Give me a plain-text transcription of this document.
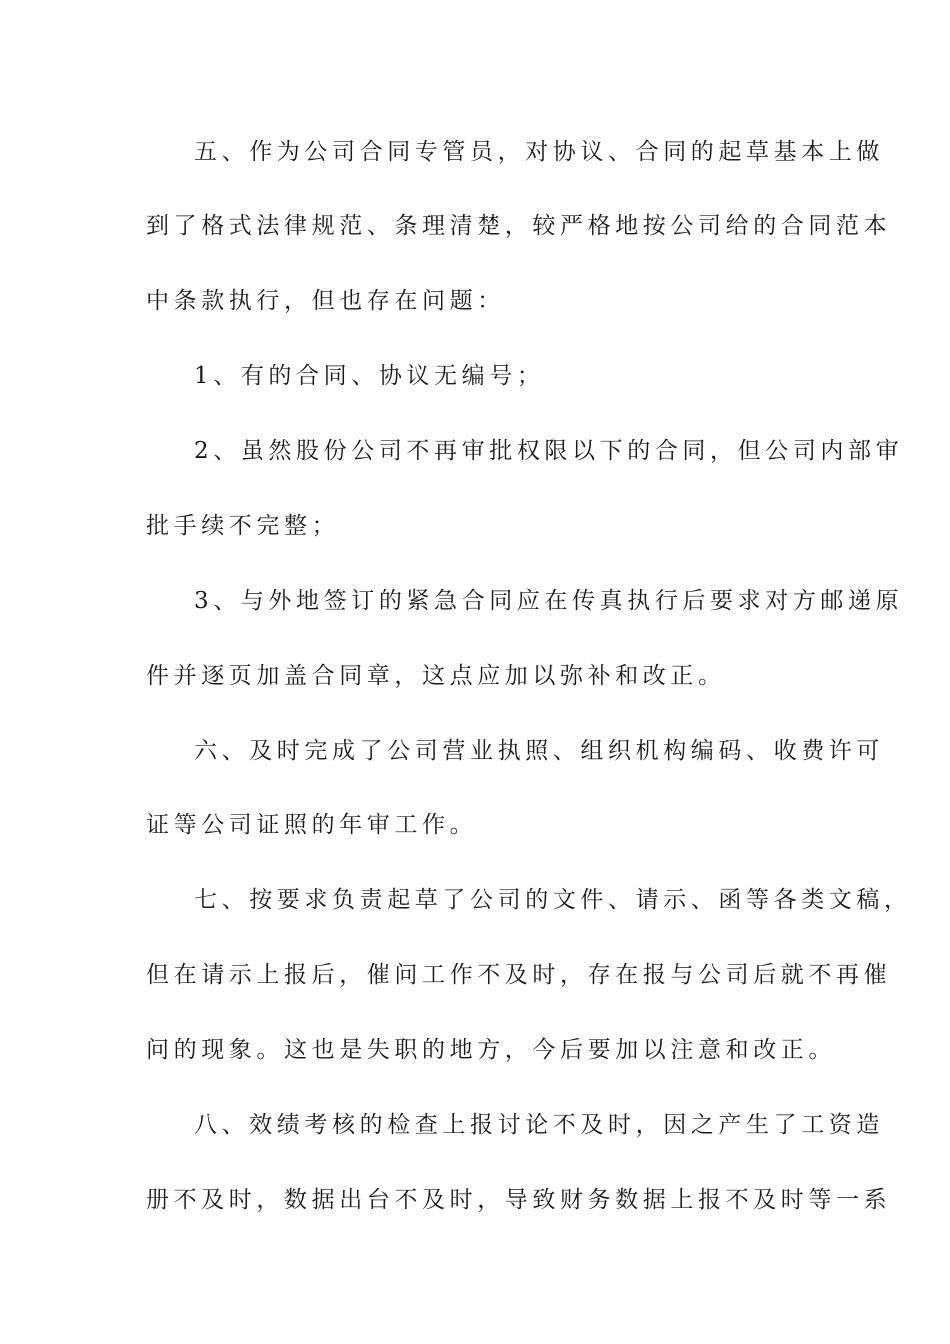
五、作为公司合同专管员，对协议、合同的起草基本上做
到了格式法律规范、条理清楚，较严格地按公司给的合同范本
中条款执行，但也存在问题：
1、有的合同、协议无编号；
2、虽然股份公司不再审批权限以下的合同，但公司内部审
批手续不完整；
3、与外地签订的紧急合同应在传真执行后要求对方邮递原
件并逐页加盖合同章，这点应加以弥补和改正。
六、及时完成了公司营业执照、组织机构编码、收费许可
证等公司证照的年审工作。
七、按要求负责起草了公司的文件、请示、函等各类文稿，
但在请示上报后，催问工作不及时，存在报与公司后就不再催
问的现象。这也是失职的地方，今后要加以注意和改正。
八、效绩考核的检查上报讨论不及时，因之产生了工资造
册不及时，数据出台不及时，导致财务数据上报不及时等一系
